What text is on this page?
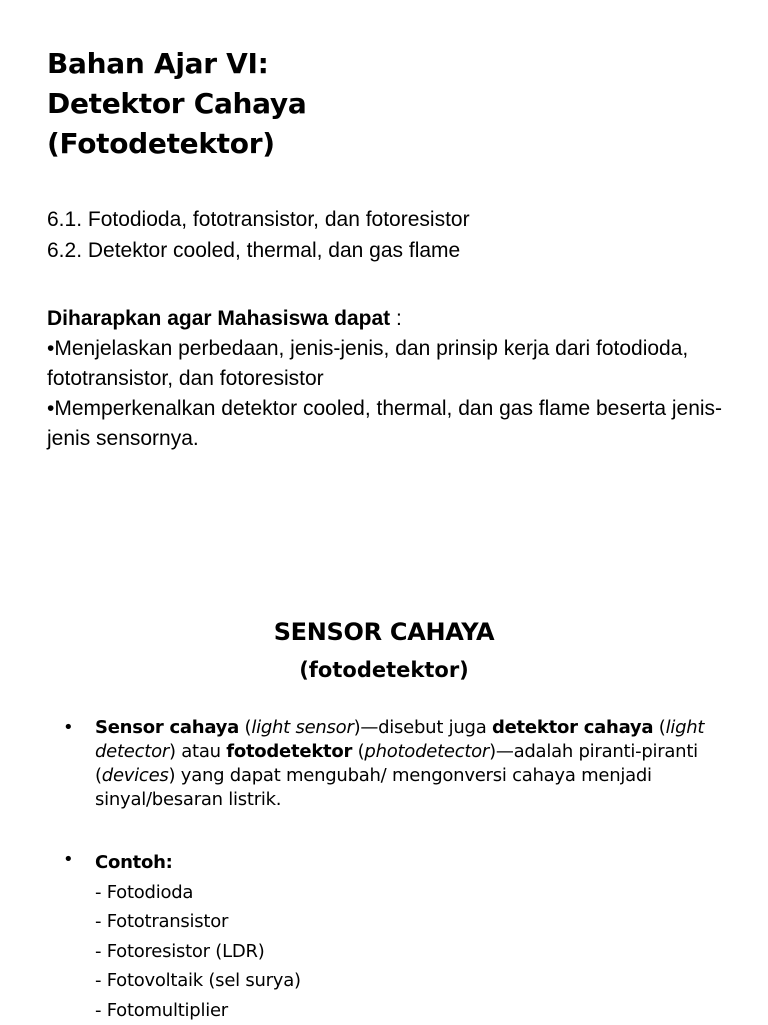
Bahan Ajar VI:
Detektor Cahaya
(Fotodetektor)
6.1. Fotodioda, fototransistor, dan fotoresistor
6.2. Detektor cooled, thermal, dan gas flame
Diharapkan agar Mahasiswa dapat :

•Menjelaskan perbedaan, jenis-jenis, dan prinsip kerja dari fotodioda, fototransistor, dan fotoresistor

•Memperkenalkan detektor cooled, thermal, dan gas flame beserta jenis-jenis sensornya.

SENSOR CAHAYA
(fotodetektor)
• Sensor cahaya (light sensor)—disebut juga detektor cahaya (light detector) atau fotodetektor (photodetector)—adalah piranti-piranti (devices) yang dapat mengubah/ mengonversi cahaya menjadi sinyal/besaran listrik.
• Contoh:
- Fotodioda
- Fototransistor
- Fotoresistor (LDR)
- Fotovoltaik (sel surya)
- Fotomultiplier
